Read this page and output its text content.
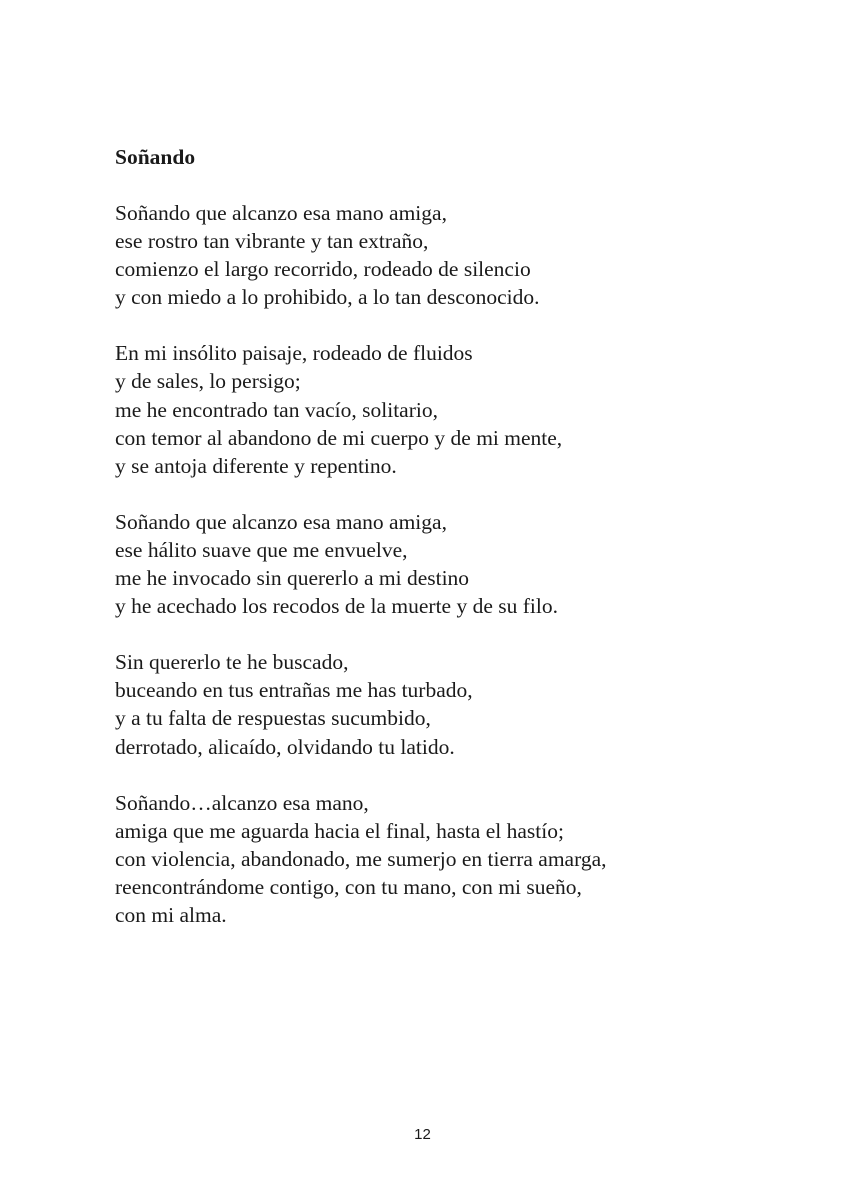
Soñando
Soñando que alcanzo esa mano amiga,
ese rostro tan vibrante y tan extraño,
comienzo el largo recorrido, rodeado de silencio
y con miedo a lo prohibido, a lo tan desconocido.
En mi insólito paisaje, rodeado de fluidos
y de sales, lo persigo;
me he encontrado tan vacío, solitario,
con temor al abandono de mi cuerpo y de mi mente,
y se antoja diferente y repentino.
Soñando que alcanzo esa mano amiga,
ese hálito suave que me envuelve,
me he invocado sin quererlo a mi destino
y he acechado los recodos de la muerte y de su filo.
Sin quererlo te he buscado,
buceando en tus entrañas me has turbado,
y a tu falta de respuestas sucumbido,
derrotado, alicaído, olvidando tu latido.
Soñando…alcanzo esa mano,
amiga que me aguarda hacia el final, hasta el hastío;
con violencia, abandonado, me sumerjo en tierra amarga,
reencontrándome contigo, con tu mano, con mi sueño,
con mi alma.
12
